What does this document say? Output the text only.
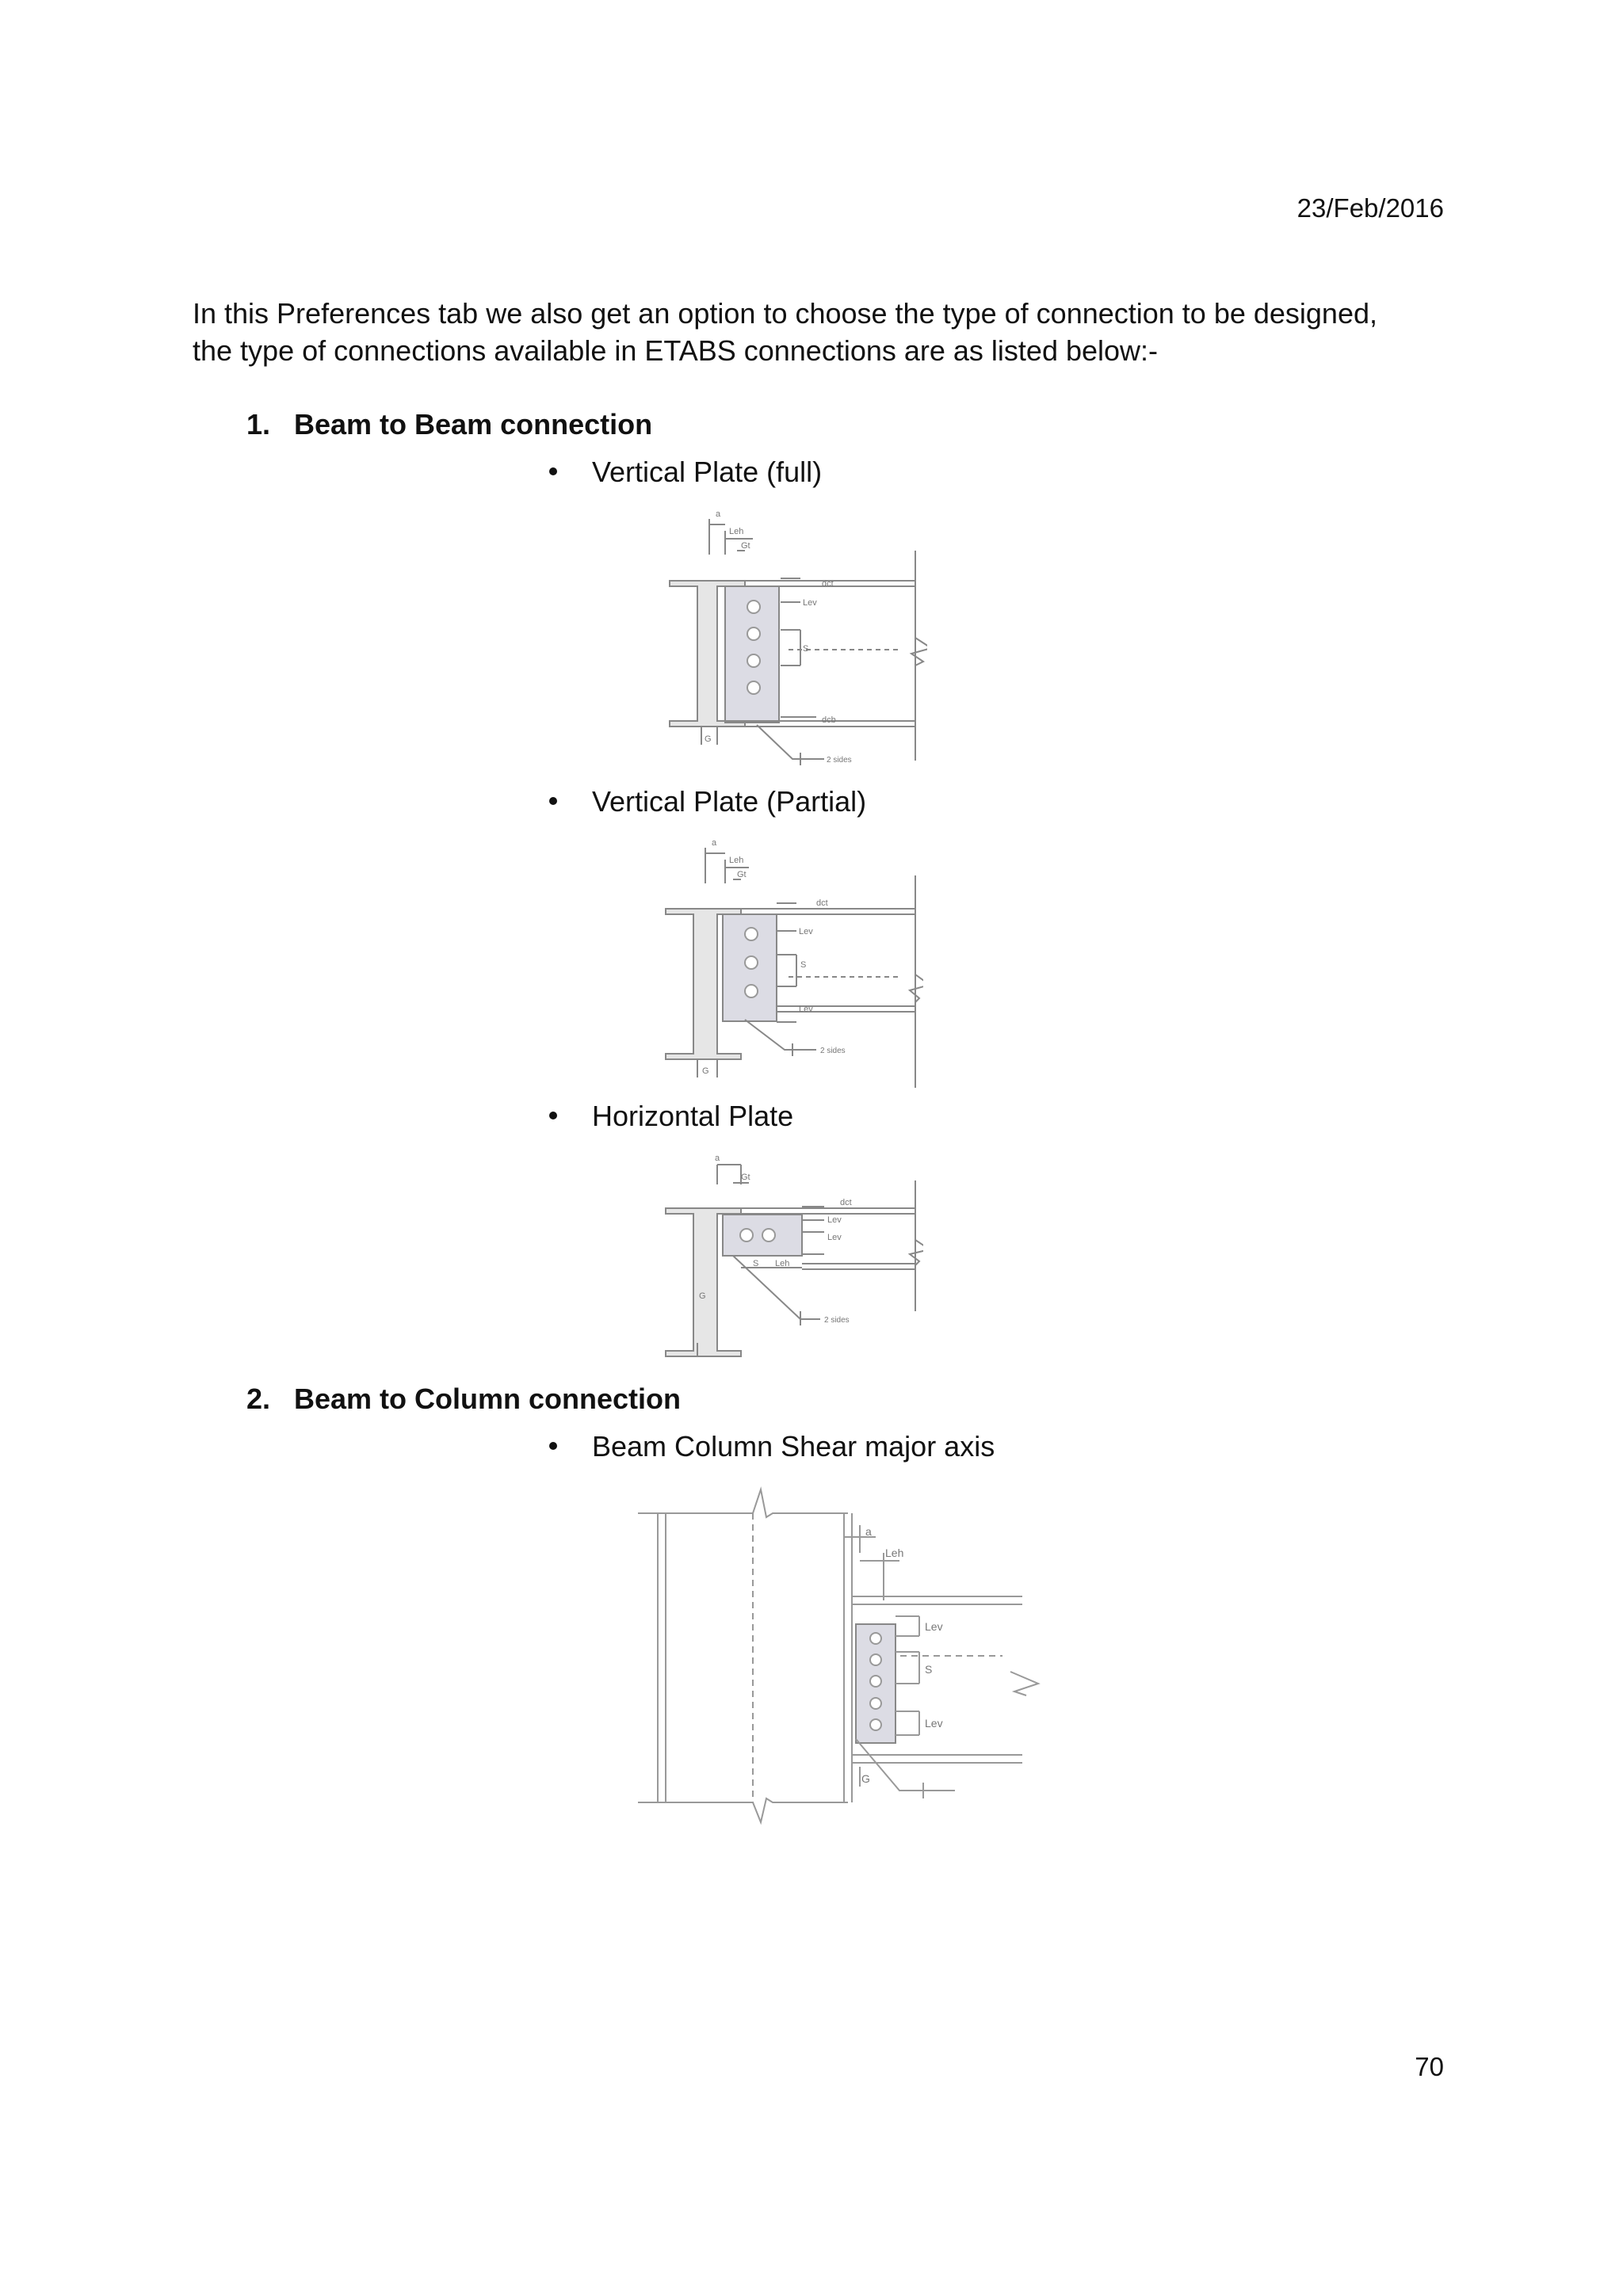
23/Feb/2016

In this Preferences tab we also get an option to choose the type of connection to be designed,

the type of connections available in ETABS connections are as listed below:-

1. Beam to Beam connection
Vertical Plate (full)
a
Leh
Gt
dct
Lev
S
dcb
G
2 sides
Vertical Plate (Partial)
a
Leh
Gt
dct
Lev
S
Lev
G
2 sides
Horizontal Plate
a
Gt
dct
Lev
Lev
S Leh
G
2 sides
2. Beam to Column connection
Beam Column Shear major axis
a
Leh
Lev
S
Lev
G
70
